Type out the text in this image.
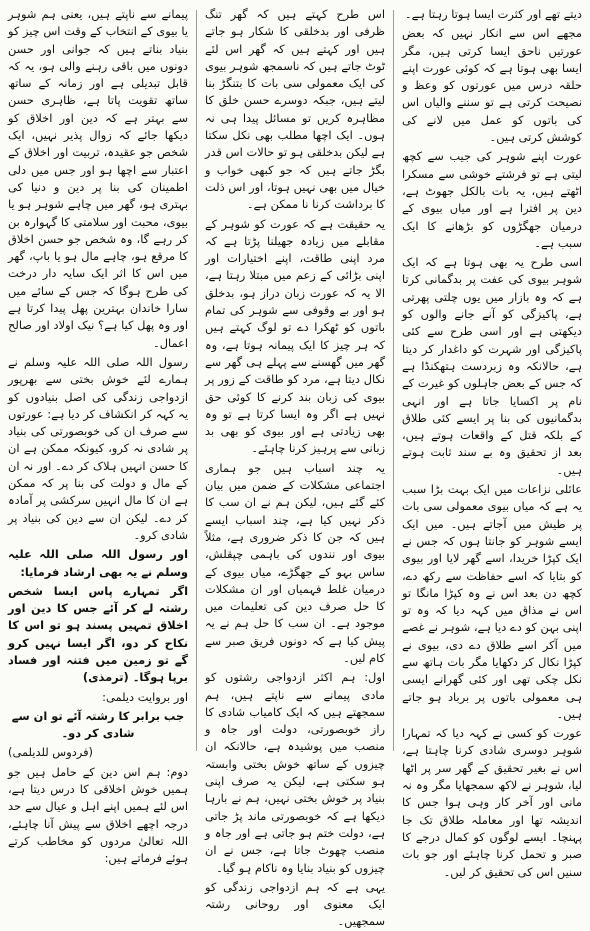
دیتے تھے اور کثرت ایسا ہوتا رہتا ہے۔

مجھے اس سے انکار نہیں کہ بعض عورتیں ناحق ایسا کرتی ہیں، مگر ایسا بھی ہوتا ہے کہ کوئی عورت اپنے حلقہ درس میں عورتوں کو وعظ و نصیحت کرتی ہے تو سننے والیاں اس کی باتوں کو عمل میں لانے کی کوشش کرتی ہیں۔

عورت اپنے شوہر کی جیب سے کچھ لیتی ہے تو فرشتے خوشی سے مسکرا اٹھتے ہیں، یہ بات بالکل جھوٹ ہے، دین پر افترا ہے اور میاں بیوی کے درمیان جھگڑوں کو بڑھانے کا ایک سبب ہے۔

اسی طرح یہ بھی ہوتا ہے کہ ایک شوہر بیوی کی عفت پر بدگمانی کرتا ہے کہ وہ بازار میں یوں چلتی پھرتی ہے، پاکیزگی کو آنے جانے والوں کو دیکھتی ہے اور اسی طرح سے کئی پاکیزگی اور شہرت کو داغدار کر دیتا ہے، حالانکہ وہ زبردست ہتھکنڈا ہے کہ جس کے بعض جاہلوں کو غیرت کے نام پر اکسایا جاتا ہے اور انہی بدگمانیوں کی بنا پر ایسے کئی طلاق کے بلکہ قتل کے واقعات ہوتے ہیں، بعد از تحقیق وہ بے سند ثابت ہوتے ہیں۔

عائلی نزاعات میں ایک بہت بڑا سبب یہ ہے کہ میاں بیوی معمولی سی بات پر طیش میں آجاتے ہیں۔ میں ایک ایسے شوہر کو جانتا ہوں کہ جس نے ایک کپڑا خریدا، اسے گھر لایا اور بیوی کو بتایا کہ اسے حفاظت سے رکھ دے، کچھ دن بعد اس نے وہ کپڑا مانگا تو اس نے مذاق میں کہہ دیا کہ وہ تو اپنی بہن کو دے دیا ہے، شوہر نے غصے میں آکر اسے طلاق دے دی، بیوی نے کپڑا نکال کر دکھایا مگر بات ہاتھ سے نکل چکی تھی اور کئی گھرانے ایسی ہی معمولی باتوں پر برباد ہو جاتے ہیں۔

عورت کو کسی نے کہہ دیا کہ تمہارا شوہر دوسری شادی کرنا چاہتا ہے، اس نے بغیر تحقیق کے گھر سر پر اٹھا لیا، شوہر نے لاکھ سمجھایا مگر وہ نہ مانی اور آخر کار وہی ہوا جس کا اندیشہ تھا اور معاملہ طلاق تک جا پہنچا۔ ایسے لوگوں کو کمال درجے کا صبر و تحمل کرنا چاہئے اور جو بات سنیں اس کی تحقیق کر لیں۔

اس طرح کہتے ہیں کہ گھر تنگ ظرفی اور بدخلقی کا شکار ہو جاتے ہیں اور کہتے ہیں کہ گھر اس لئے ٹوٹ جاتے ہیں کہ ناسمجھ شوہر بیوی کی ایک معمولی سی بات کا بتنگڑ بنا لیتے ہیں، جبکہ دوسرے حسن خلق کا مظاہرہ کریں تو مسائل پیدا ہی نہ ہوں۔ ایک اچھا مطلب بھی نکل سکتا ہے لیکن بدخلقی ہو تو حالات اس قدر بگڑ جاتے ہیں کہ جو کبھی خواب و خیال میں بھی نہیں ہوتا، اور اس ذلت کا برداشت کرنا نا ممکن ہے۔

یہ حقیقت ہے کہ عورت کو شوہر کے مقابلے میں زیادہ جھیلنا پڑتا ہے کہ مرد اپنی طاقت، اپنے اختیارات اور اپنی بڑائی کے زعم میں مبتلا رہتا ہے، الا یہ کہ عورت زبان دراز ہو، بدخلق ہو اور بے وقوفی سے شوہر کی تمام باتوں کو ٹھکرا دے تو لوگ کہتے ہیں کہ ہر چیز کا ایک پیمانہ ہوتا ہے، وہ گھر میں گھسنے سے پہلے ہی گھر سے نکال دیتا ہے، مرد کو طاقت کے زور پر بیوی کی زبان بند کرنے کا کوئی حق نہیں ہے اگر وہ ایسا کرتا ہے تو وہ بھی زیادتی ہے اور بیوی کو بھی بد زبانی سے پرہیز کرنا چاہئے۔

یہ چند اسباب ہیں جو ہماری اجتماعی مشکلات کے ضمن میں بیان کئے گئے ہیں، لیکن ہم نے ان سب کا ذکر نہیں کیا ہے، چند اسباب ایسے ہیں کہ جن کا ذکر ضروری ہے، مثلاً بیوی اور نندوں کی باہمی چپقلش، ساس بہو کے جھگڑے، میاں بیوی کے درمیان غلط فہمیاں اور ان مشکلات کا حل صرف دین کی تعلیمات میں موجود ہے۔ ان سب کا حل ہم نے یہ پیش کیا ہے کہ دونوں فریق صبر سے کام لیں۔

اول: ہم اکثر ازدواجی رشتوں کو مادی پیمانے سے ناپتے ہیں، ہم سمجھتے ہیں کہ ایک کامیاب شادی کا راز خوبصورتی، دولت اور جاہ و منصب میں پوشیدہ ہے، حالانکہ ان چیزوں کے ساتھ خوش بختی وابستہ ہو سکتی ہے، لیکن یہ صرف اپنی بنیاد پر خوش بختی نہیں، ہم نے بارہا دیکھا ہے کہ خوبصورتی ماند پڑ جاتی ہے، دولت ختم ہو جاتی ہے اور جاہ و منصب چھوٹ جاتا ہے، جس نے ان چیزوں کو بنیاد بنایا وہ ناکام ہو گیا۔

یہی ہے کہ ہم ازدواجی زندگی کو ایک معنوی اور روحانی رشتہ سمجھیں۔

پیمانے سے ناپتے ہیں، یعنی ہم شوہر یا بیوی کے انتخاب کے وقت اس چیز کو بنیاد بناتے ہیں کہ جوانی اور حسن دونوں میں باقی رہنے والی ہو، یہ کہ قابل تبدیلی ہے اور زمانہ کے ساتھ ساتھ تقویت پاتا ہے، ظاہری حسن سے بہتر ہے کہ دین اور اخلاق کو دیکھا جائے کہ زوال پذیر نہیں، ایک شخص جو عقیدہ، تربیت اور اخلاق کے اعتبار سے اچھا ہو اور جس میں دلی اطمینان کی بنا پر دین و دنیا کی بہتری ہو، گھر میں چاہے شوہر ہو یا بیوی، محبت اور سلامتی کا گہوارہ بن کر رہے گا، وہ شخص جو حسن اخلاق کا مرقع ہو، چاہے مال ہو یا باپ، گھر میں اس کا اثر ایک سایہ دار درخت کی طرح ہوگا کہ جس کے سائے میں سارا خاندان بہترین پھل پیدا کرتا ہے اور وہ پھل کیا ہے؟ نیک اولاد اور صالح اعمال۔

رسول اللہ صلی اللہ علیہ وسلم نے ہمارے لئے خوش بختی سے بھرپور ازدواجی زندگی کی اصل بنیادوں کو یہ کہہ کر انکشاف کر دیا ہے: عورتوں سے صرف ان کی خوبصورتی کی بنیاد پر شادی نہ کرو، کیونکہ ممکن ہے ان کا حسن انہیں ہلاک کر دے۔ اور نہ ان کے مال و دولت کی بنا پر کہ ممکن ہے ان کا مال انہیں سرکشی پر آمادہ کر دے۔ لیکن ان سے دین کی بنیاد پر شادی کرو۔

اور رسول اللہ صلی اللہ علیہ وسلم نے یہ بھی ارشاد فرمایا:

اگر تمہارے پاس ایسا شخص رشتہ لے کر آئے جس کا دین اور اخلاق تمہیں پسند ہو تو اس کا نکاح کر دو، اگر ایسا نہیں کرو گے تو زمین میں فتنہ اور فساد برپا ہوگا۔ (ترمذی)

اور بروایت دیلمی:

جب برابر کا رشتہ آئے تو ان سے شادی کر دو۔

(فردوس للدیلمی)

دوم: ہم اس دین کے حامل ہیں جو ہمیں خوش اخلاقی کا درس دیتا ہے، اس لئے ہمیں اپنے اہل و عیال سے حد درجہ اچھے اخلاق سے پیش آنا چاہئے، اللہ تعالیٰ مردوں کو مخاطب کرتے ہوئے فرماتے ہیں:
